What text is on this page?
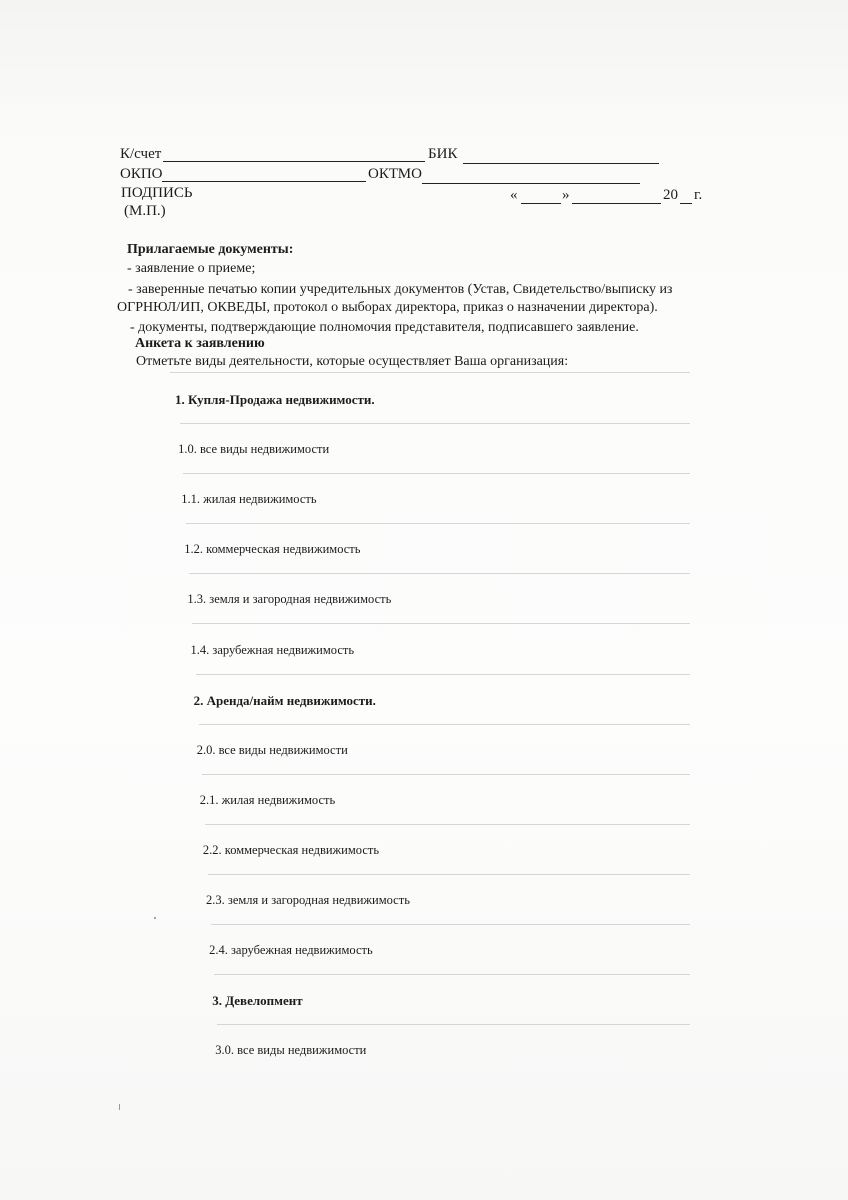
К/счет	БИК
ОКПО	ОКТМО
ПОДПИСЬ	«	»	20 г.
(М.П.)
Прилагаемые документы:
- заявление о приеме;
- заверенные печатью копии учредительных документов (Устав, Свидетельство/выписку из
ОГРНЮЛ/ИП, ОКВЕДЫ, протокол о выборах директора, приказ о назначении директора).
- документы, подтверждающие полномочия представителя, подписавшего заявление.
Анкета к заявлению
Отметьте виды деятельности, которые осуществляет Ваша организация:
1. Купля-Продажа недвижимости.
1.0. все виды недвижимости
1.1. жилая недвижимость
1.2. коммерческая недвижимость
1.3. земля и загородная недвижимость
1.4. зарубежная недвижимость
2. Аренда/найм недвижимости.
2.0. все виды недвижимости
2.1. жилая недвижимость
2.2. коммерческая недвижимость
2.3. земля и загородная недвижимость
2.4. зарубежная недвижимость
3. Девелопмент
3.0. все виды недвижимости
